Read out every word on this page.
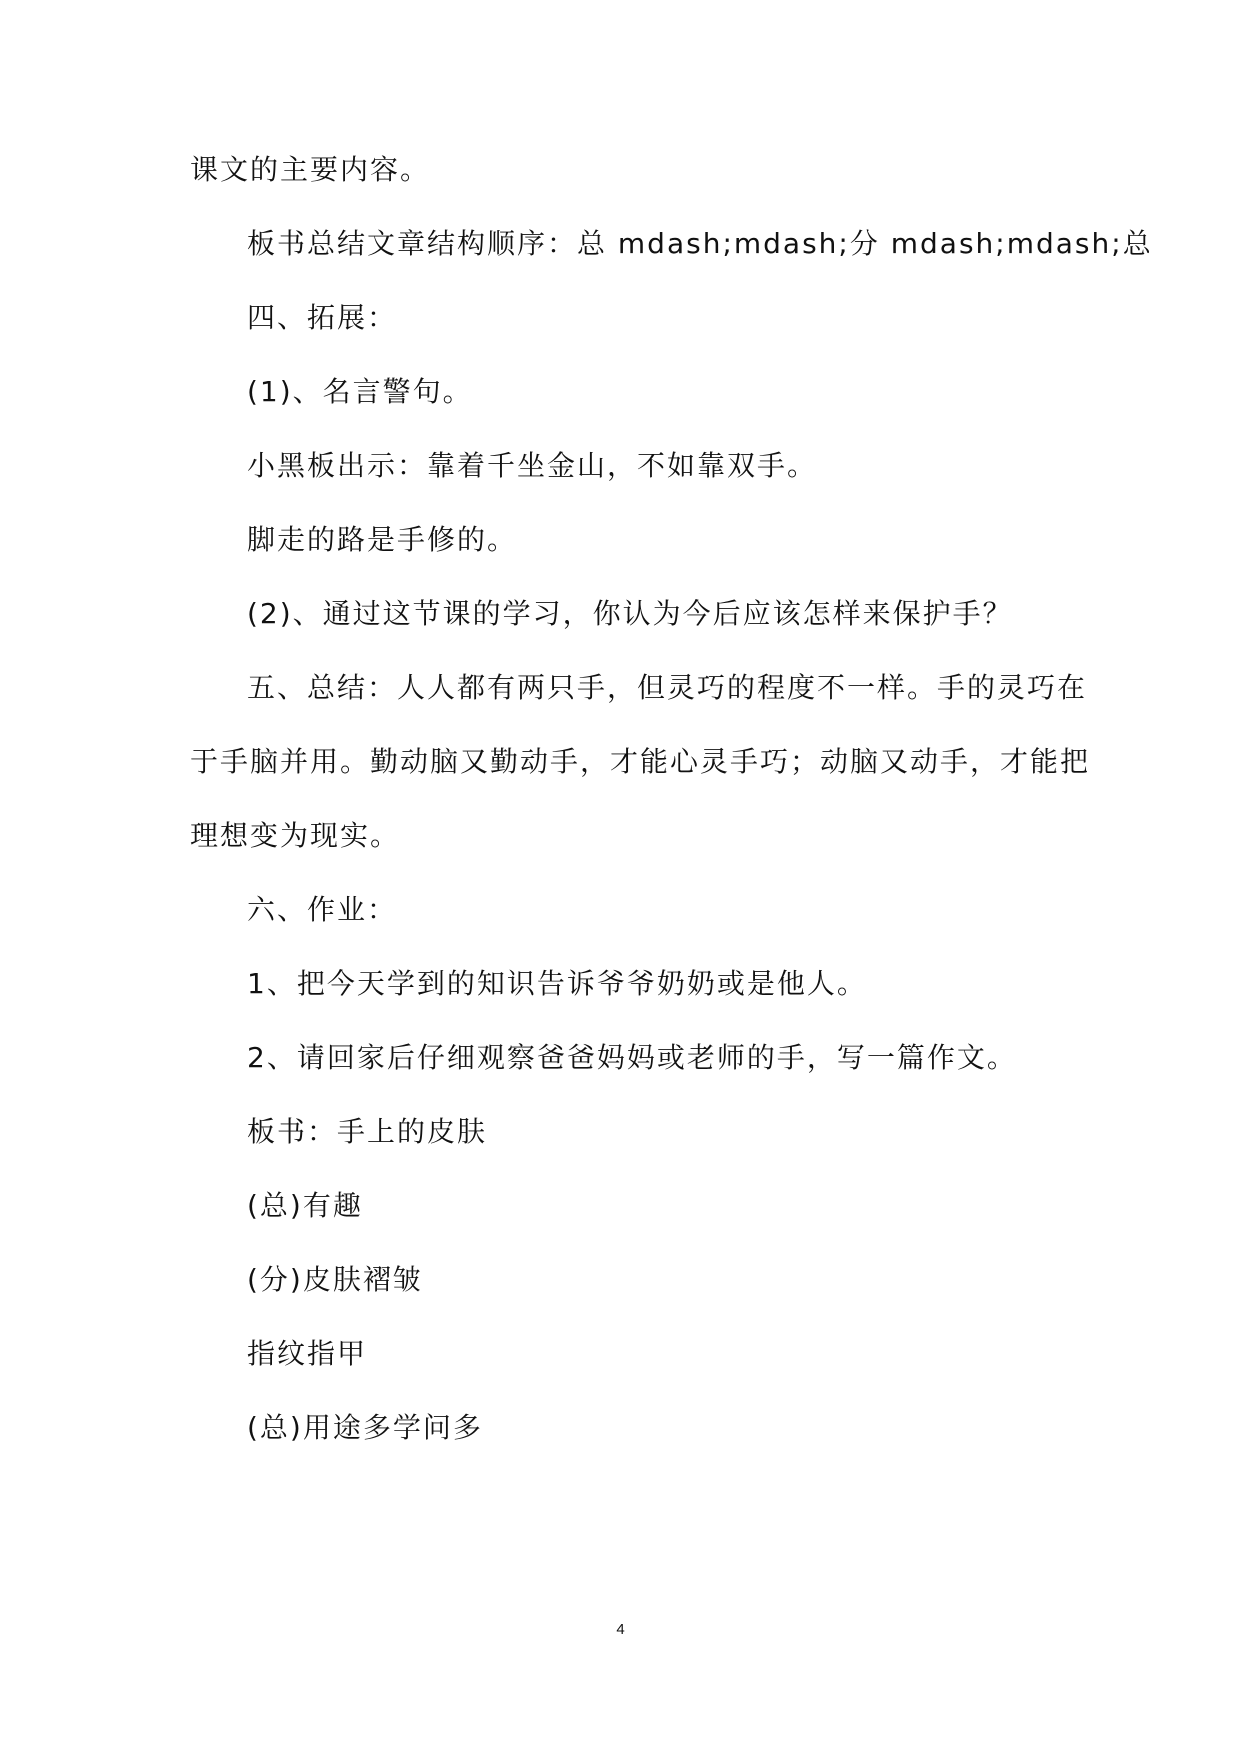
课文的主要内容。
板书总结文章结构顺序：总 mdash;mdash;分 mdash;mdash;总
四、拓展：
(1)、名言警句。
小黑板出示：靠着千坐金山，不如靠双手。
脚走的路是手修的。
(2)、通过这节课的学习，你认为今后应该怎样来保护手？
五、总结：人人都有两只手，但灵巧的程度不一样。手的灵巧在
于手脑并用。勤动脑又勤动手，才能心灵手巧；动脑又动手，才能把
理想变为现实。
六、作业：
1、把今天学到的知识告诉爷爷奶奶或是他人。
2、请回家后仔细观察爸爸妈妈或老师的手，写一篇作文。
板书：手上的皮肤
(总)有趣
(分)皮肤褶皱
指纹指甲
(总)用途多学问多
4
